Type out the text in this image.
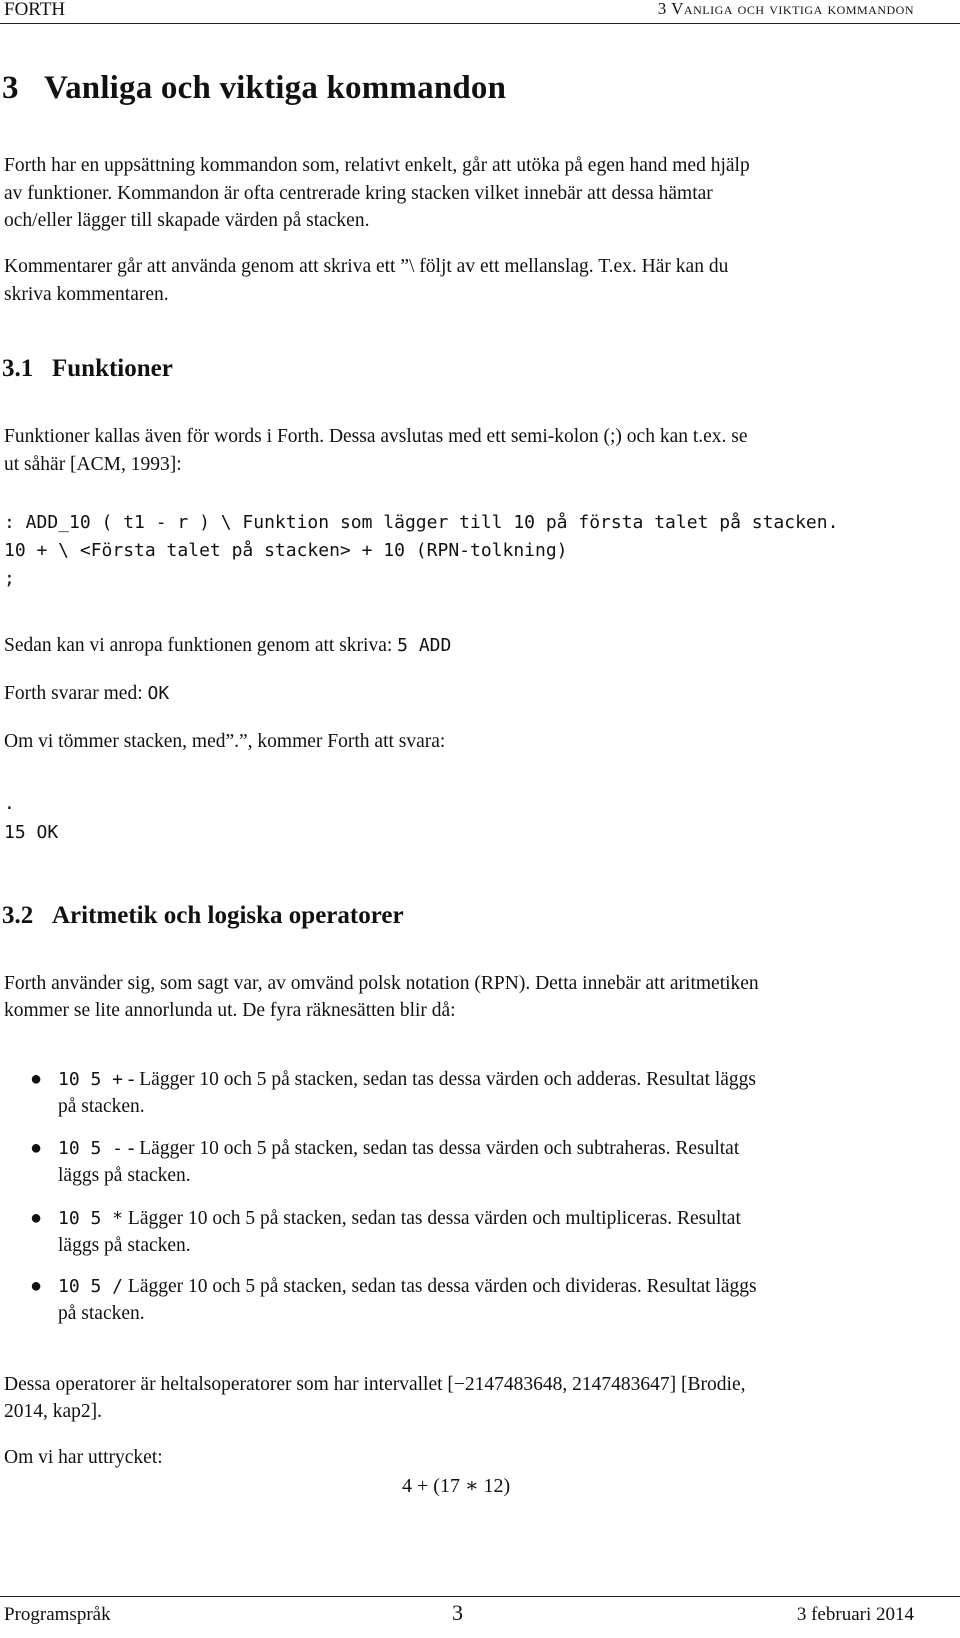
FORTH	3 Vanliga och viktiga kommandon
3 Vanliga och viktiga kommandon
Forth har en uppsättning kommandon som, relativt enkelt, går att utöka på egen hand med hjälp
av funktioner. Kommandon är ofta centrerade kring stacken vilket innebär att dessa hämtar
och/eller lägger till skapade värden på stacken.
Kommentarer går att använda genom att skriva ett ”\ följt av ett mellanslag. T.ex. Här kan du
skriva kommentaren.
3.1 Funktioner
Funktioner kallas även för words i Forth. Dessa avslutas med ett semi-kolon (;) och kan t.ex. se
ut såhär [ACM, 1993]:
: ADD_10 ( t1 - r ) \ Funktion som lägger till 10 på första talet på stacken.
10 + \ <Första talet på stacken> + 10 (RPN-tolkning)
;
Sedan kan vi anropa funktionen genom att skriva: 5 ADD
Forth svarar med: OK
Om vi tömmer stacken, med”.”, kommer Forth att svara:
.
15 OK
3.2 Aritmetik och logiska operatorer
Forth använder sig, som sagt var, av omvänd polsk notation (RPN). Detta innebär att aritmetiken
kommer se lite annorlunda ut. De fyra räknesätten blir då:
● 10 5 + - Lägger 10 och 5 på stacken, sedan tas dessa värden och adderas. Resultat läggs
på stacken.
● 10 5 - - Lägger 10 och 5 på stacken, sedan tas dessa värden och subtraheras. Resultat
läggs på stacken.
● 10 5 * Lägger 10 och 5 på stacken, sedan tas dessa värden och multipliceras. Resultat
läggs på stacken.
● 10 5 / Lägger 10 och 5 på stacken, sedan tas dessa värden och divideras. Resultat läggs
på stacken.
Dessa operatorer är heltalsoperatorer som har intervallet [−2147483648, 2147483647] [Brodie,
2014, kap2].
Om vi har uttrycket:
4 + (17 ∗ 12)
Programspråk	3	3 februari 2014
